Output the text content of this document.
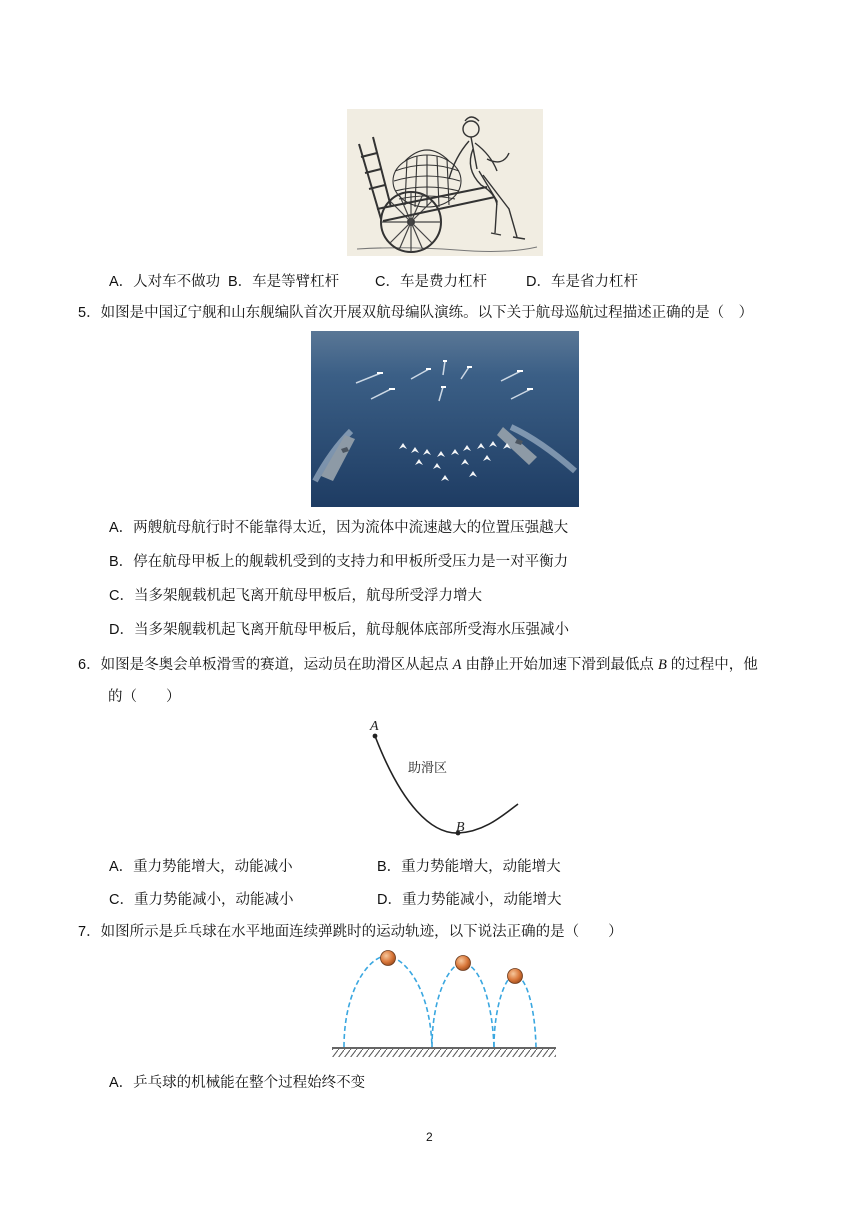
A．人对车不做功 B．车是等臂杠杆 C．车是费力杠杆	D．车是省力杠杆
5．如图是中国辽宁舰和山东舰编队首次开展双航母编队演练。以下关于航母巡航过程描述正确的是（　）
A．两艘航母航行时不能靠得太近，因为流体中流速越大的位置压强越大
B．停在航母甲板上的舰载机受到的支持力和甲板所受压力是一对平衡力
C．当多架舰载机起飞离开航母甲板后，航母所受浮力增大
D．当多架舰载机起飞离开航母甲板后，航母舰体底部所受海水压强减小
6．如图是冬奥会单板滑雪的赛道，运动员在助滑区从起点 A 由静止开始加速下滑到最低点 B 的过程中，他
的（　　）
A
B
助滑区
A．重力势能增大，动能减小	B．重力势能增大，动能增大
C．重力势能减小，动能减小	D．重力势能减小，动能增大
7．如图所示是乒乓球在水平地面连续弹跳时的运动轨迹，以下说法正确的是（　　）
A．乒乓球的机械能在整个过程始终不变
2
